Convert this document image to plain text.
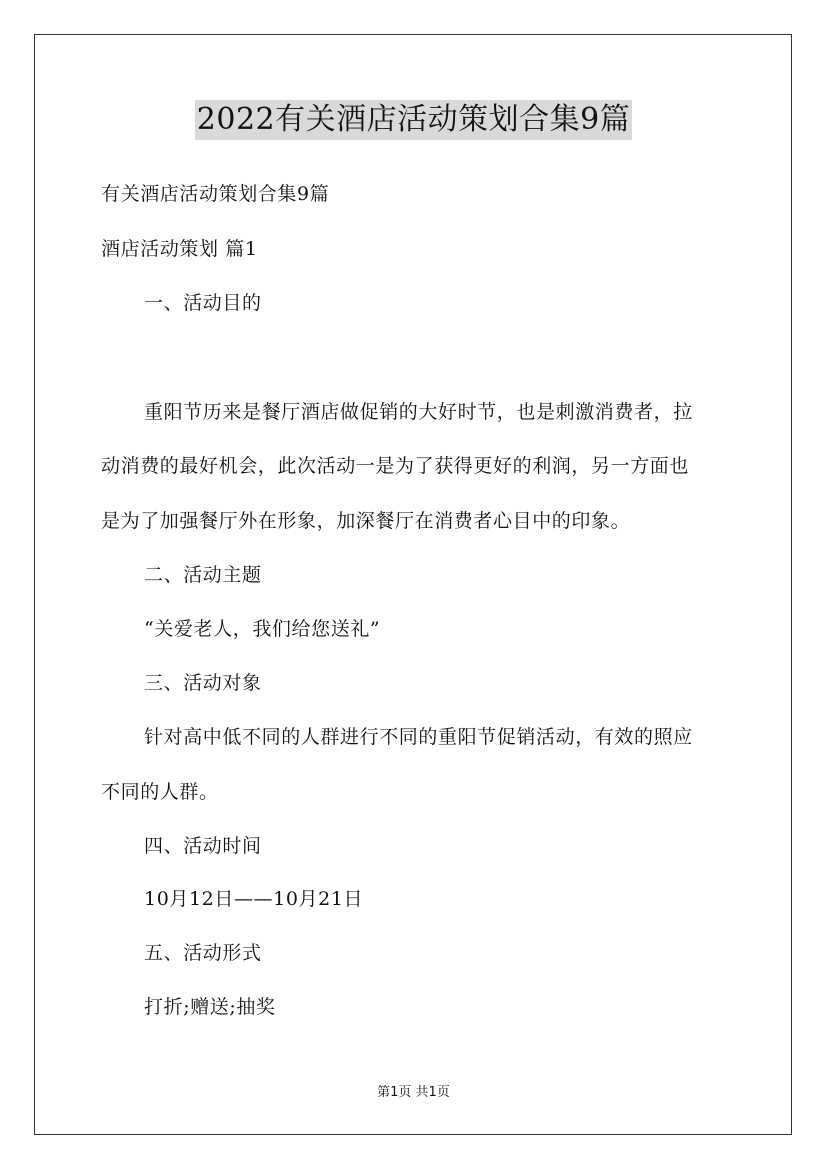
2022有关酒店活动策划合集9篇
有关酒店活动策划合集9篇
酒店活动策划 篇1
一、活动目的
重阳节历来是餐厅酒店做促销的大好时节，也是刺激消费者，拉
动消费的最好机会，此次活动一是为了获得更好的利润，另一方面也
是为了加强餐厅外在形象，加深餐厅在消费者心目中的印象。
二、活动主题
“关爱老人，我们给您送礼”
三、活动对象
针对高中低不同的人群进行不同的重阳节促销活动，有效的照应
不同的人群。
四、活动时间
10月12日——10月21日
五、活动形式
打折;赠送;抽奖
第1页 共1页
